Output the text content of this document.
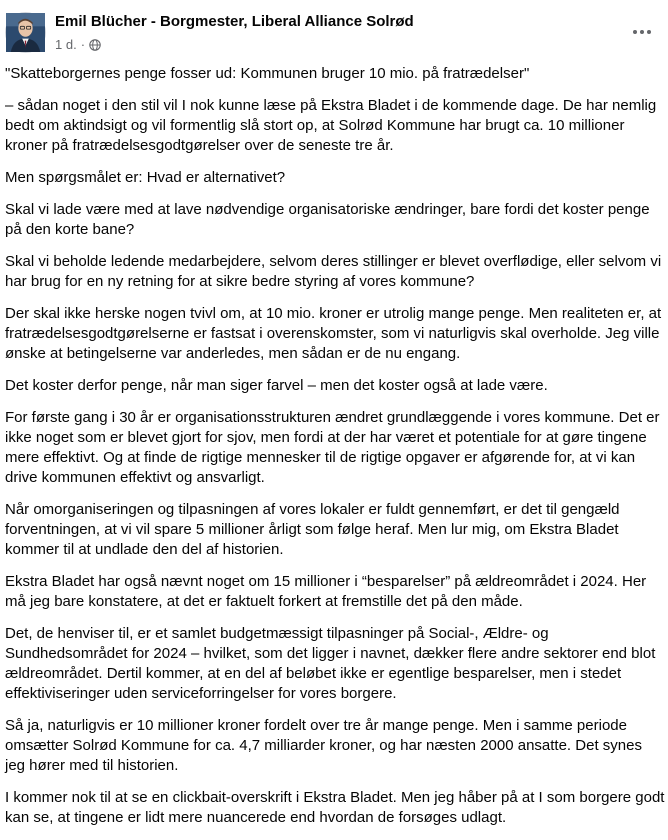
Emil Blücher - Borgmester, Liberal Alliance Solrød
1 d. ·

"Skatteborgernes penge fosser ud: Kommunen bruger 10 mio. på fratrædelser"

– sådan noget i den stil vil I nok kunne læse på Ekstra Bladet i de kommende dage. De har nemlig bedt om aktindsigt og vil formentlig slå stort op, at Solrød Kommune har brugt ca. 10 millioner kroner på fratrædelsesgodtgørelser over de seneste tre år.

Men spørgsmålet er: Hvad er alternativet?

Skal vi lade være med at lave nødvendige organisatoriske ændringer, bare fordi det koster penge på den korte bane?

Skal vi beholde ledende medarbejdere, selvom deres stillinger er blevet overflødige, eller selvom vi har brug for en ny retning for at sikre bedre styring af vores kommune?

Der skal ikke herske nogen tvivl om, at 10 mio. kroner er utrolig mange penge. Men realiteten er, at fratrædelsesgodtgørelserne er fastsat i overenskomster, som vi naturligvis skal overholde. Jeg ville ønske at betingelserne var anderledes, men sådan er de nu engang.

Det koster derfor penge, når man siger farvel – men det koster også at lade være.

For første gang i 30 år er organisationsstrukturen ændret grundlæggende i vores kommune. Det er ikke noget som er blevet gjort for sjov, men fordi at der har været et potentiale for at gøre tingene mere effektivt. Og at finde de rigtige mennesker til de rigtige opgaver er afgørende for, at vi kan drive kommunen effektivt og ansvarligt.

Når omorganiseringen og tilpasningen af vores lokaler er fuldt gennemført, er det til gengæld forventningen, at vi vil spare 5 millioner årligt som følge heraf. Men lur mig, om Ekstra Bladet kommer til at undlade den del af historien.

Ekstra Bladet har også nævnt noget om 15 millioner i “besparelser” på ældreområdet i 2024. Her må jeg bare konstatere, at det er faktuelt forkert at fremstille det på den måde.

Det, de henviser til, er et samlet budgetmæssigt tilpasninger på Social-, Ældre- og Sundhedsområdet for 2024 – hvilket, som det ligger i navnet, dækker flere andre sektorer end blot ældreområdet. Dertil kommer, at en del af beløbet ikke er egentlige besparelser, men i stedet effektiviseringer uden serviceforringelser for vores borgere.

Så ja, naturligvis er 10 millioner kroner fordelt over tre år mange penge. Men i samme periode omsætter Solrød Kommune for ca. 4,7 milliarder kroner, og har næsten 2000 ansatte. Det synes jeg hører med til historien.

I kommer nok til at se en clickbait-overskrift i Ekstra Bladet. Men jeg håber på at I som borgere godt kan se, at tingene er lidt mere nuancerede end hvordan de forsøges udlagt.
